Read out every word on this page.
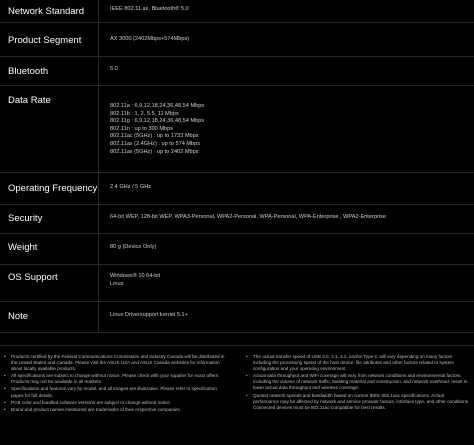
Network Standard	IEEE 802.11 ax, Bluetooth® 5.0
Product Segment	AX 3000 (2402Mbps+574Mbps)
Bluetooth	5.0
Data Rate	802.11a : 6,9,12,18,24,36,48,54 Mbps
802.11b : 1, 2, 5.5, 11 Mbps
802.11g : 6,9,12,18,24,36,48,54 Mbps
802.11n : up to 300 Mbps
802.11ac (5GHz) : up to 1733 Mbps
802.11ax (2.4GHz) : up to 574 Mbps
802.11ax (5GHz) : up to 2402 Mbps
Operating Frequency 2.4 GHz / 5 GHz
Security	64-bit WEP, 128-bit WEP, WPA3-Personal, WPA2-Personal, WPA-Personal, WPA-Enterprise , WPA2-Enterprise
Weight	80 g (Device Only)
OS Support	Windows® 10 64-bit
Linux
Note	Linux Driversupport kernel 5.1+
• Products certified by the Federal Communications Commission and Industry Canada will be distributed in the United States and Canada. Please visit the ASUS USA and ASUS Canada websites for information about locally available products.
• All specifications are subject to change without notice. Please check with your supplier for exact offers. Products may not be available in all markets.
• Specifications and features vary by model, and all images are illustrative. Please refer to specification pages for full details.
• PCB color and bundled software versions are subject to change without notice.
• Brand and product names mentioned are trademarks of their respective companies.
• The actual transfer speed of USB 3.0, 3.1, 3.2, and/or Type-C will vary depending on many factors including the processing speed of the host device, file attributes and other factors related to system configuration and your operating environment.
• Actual data throughput and WiFi coverage will vary from network conditions and environmental factors, including the volume of network traffic, building material and construction, and network overhead, result in lower actual data throughput and wireless coverage.
• Quoted network speeds and bandwidth based on current IEEE 802.11ac specifications. Actual performance may be affected by network and service provider factors, interface type, and other conditions. Connected devices must be 802.11ac-compatible for best results.
